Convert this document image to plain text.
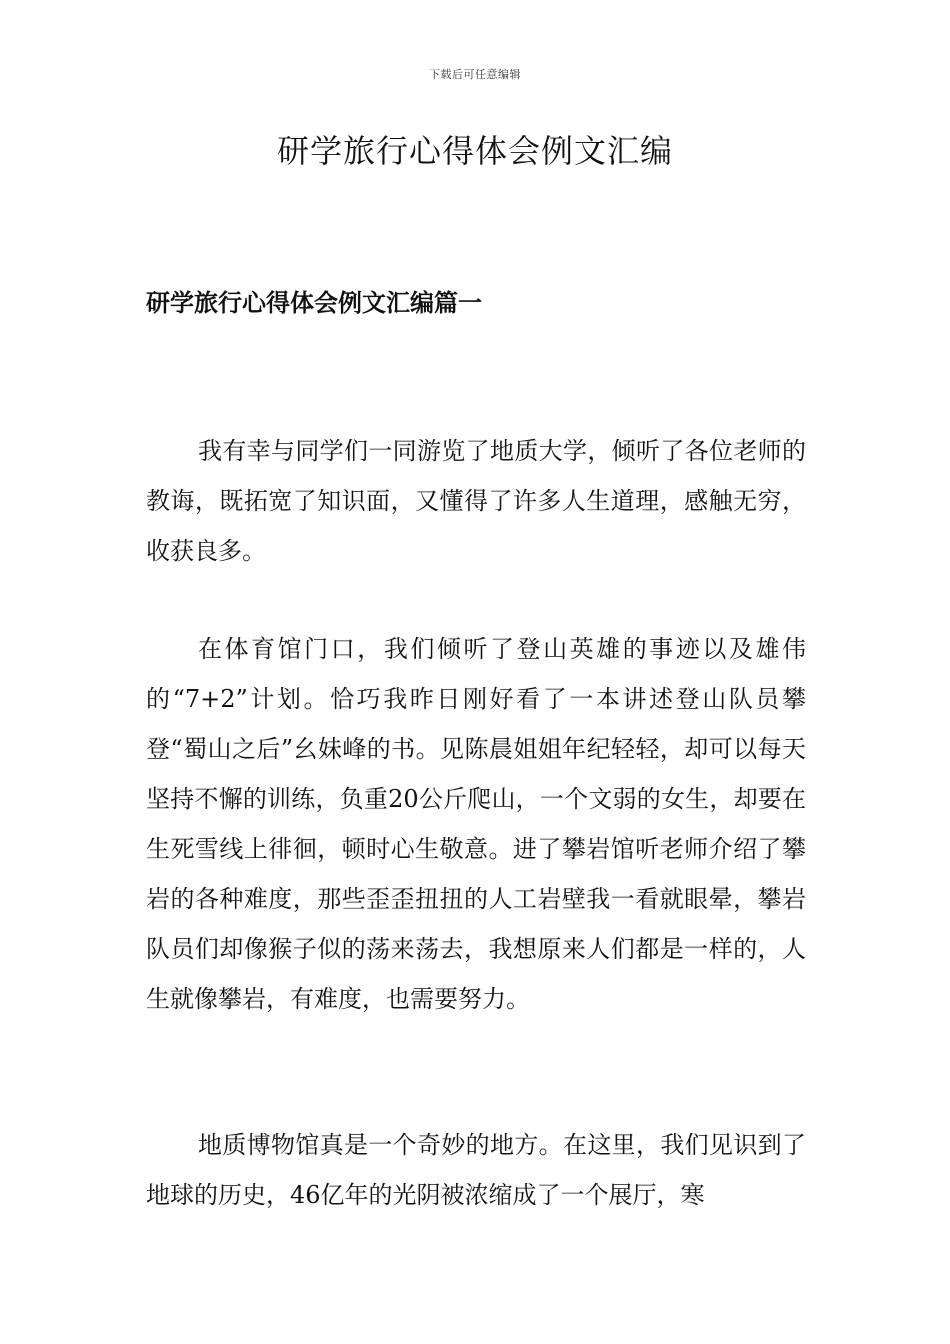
下载后可任意编辑
研学旅行心得体会例文汇编
研学旅行心得体会例文汇编篇一

我有幸与同学们一同游览了地质大学，倾听了各位老师的教诲，既拓宽了知识面，又懂得了许多人生道理，感触无穷，收获良多。

在体育馆门口，我们倾听了登山英雄的事迹以及雄伟的“7+2”计划。恰巧我昨日刚好看了一本讲述登山队员攀登“蜀山之后”幺妹峰的书。见陈晨姐姐年纪轻轻，却可以每天坚持不懈的训练，负重20公斤爬山，一个文弱的女生，却要在生死雪线上徘徊，顿时心生敬意。进了攀岩馆听老师介绍了攀岩的各种难度，那些歪歪扭扭的人工岩壁我一看就眼晕，攀岩队员们却像猴子似的荡来荡去，我想原来人们都是一样的，人生就像攀岩，有难度，也需要努力。

地质博物馆真是一个奇妙的地方。在这里，我们见识到了地球的历史，46亿年的光阴被浓缩成了一个展厅，寒
